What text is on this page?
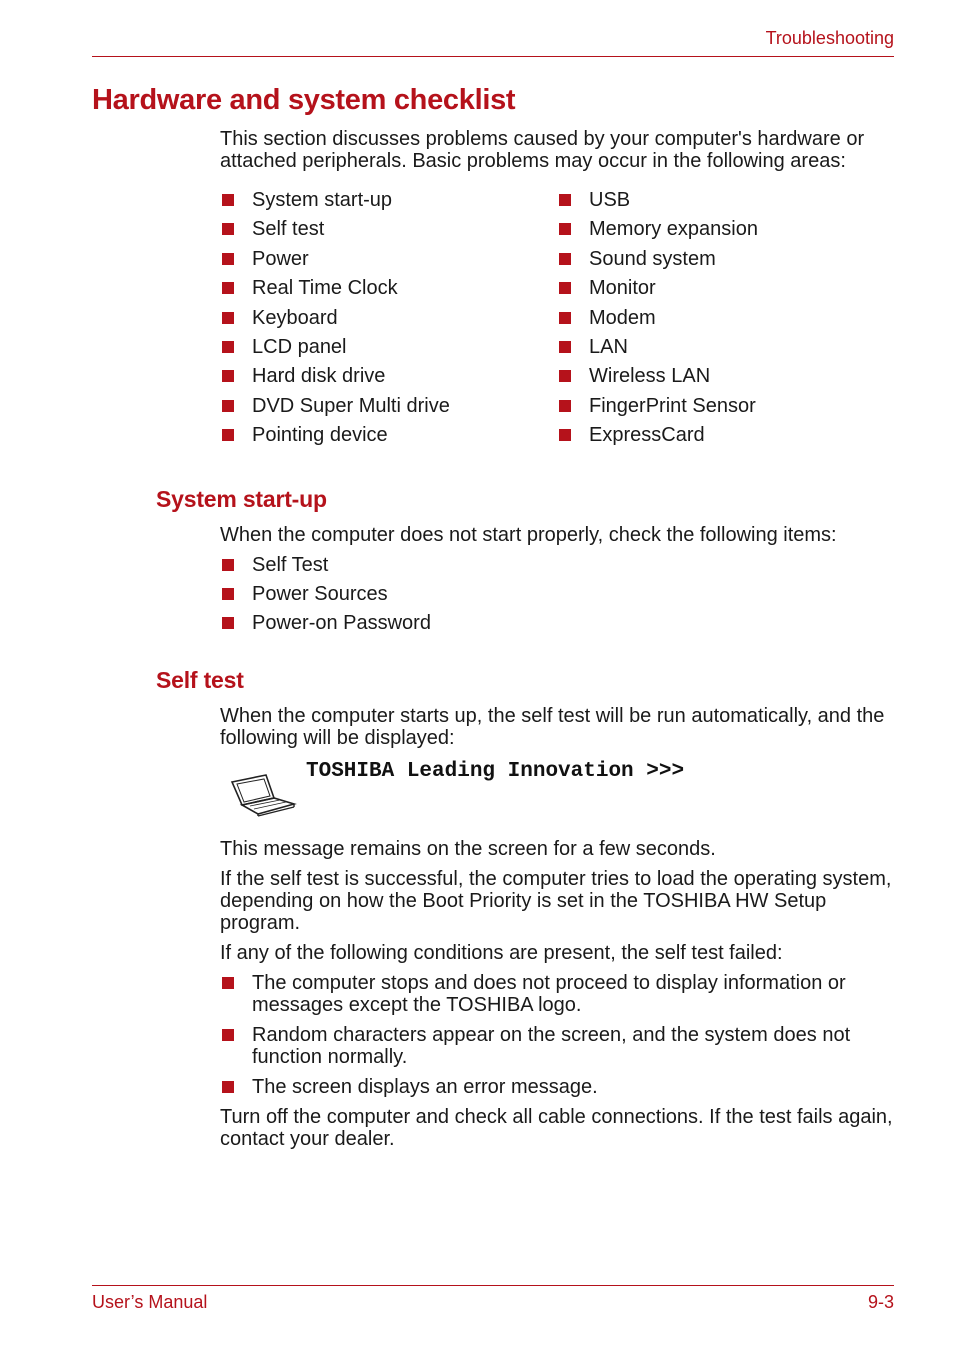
Troubleshooting
Hardware and system checklist

This section discusses problems caused by your computer's hardware or attached peripherals. Basic problems may occur in the following areas:

System start-up
Self test
Power
Real Time Clock
Keyboard
LCD panel
Hard disk drive
DVD Super Multi drive
Pointing device
USB
Memory expansion
Sound system
Monitor
Modem
LAN
Wireless LAN
FingerPrint Sensor
ExpressCard
System start-up

When the computer does not start properly, check the following items:

Self Test
Power Sources
Power-on Password
Self test

When the computer starts up, the self test will be run automatically, and the following will be displayed:

TOSHIBA Leading Innovation >>>

This message remains on the screen for a few seconds.

If the self test is successful, the computer tries to load the operating system, depending on how the Boot Priority is set in the TOSHIBA HW Setup program.

If any of the following conditions are present, the self test failed:

The computer stops and does not proceed to display information or messages except the TOSHIBA logo.
Random characters appear on the screen, and the system does not function normally.
The screen displays an error message.

Turn off the computer and check all cable connections. If the test fails again, contact your dealer.

User’s Manual	9-3
